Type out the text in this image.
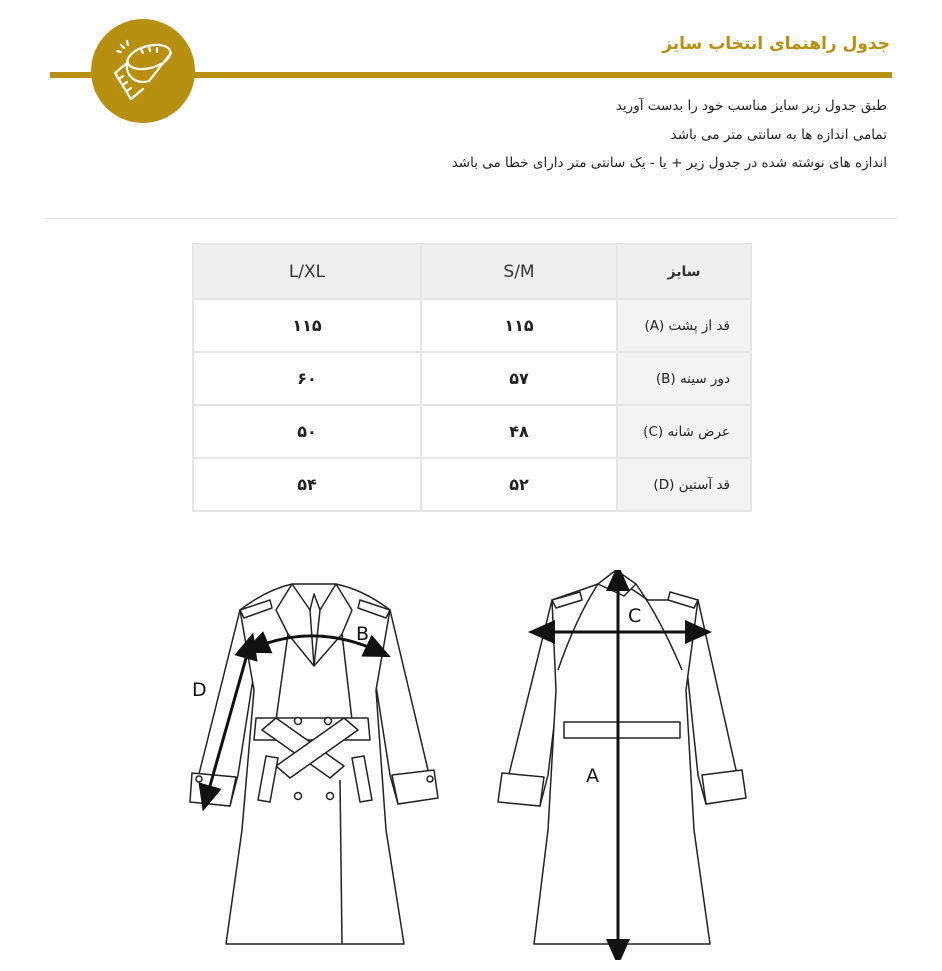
جدول راهنمای انتخاب سایز

طبق جدول زیر سایز مناسب خود را بدست آورید

تمامی اندازه ها به سانتی متر می باشد

اندازه های نوشته شده در جدول زیر + یا - یک سانتی متر دارای خطا می باشد

سایز	S/M	L/XL
قد از پشت (A)	۱۱۵	۱۱۵
دور سینه (B)	۵۷	۶۰
عرض شانه (C)	۴۸	۵۰
قد آستین (D)	۵۲	۵۴
B
D
A
C
